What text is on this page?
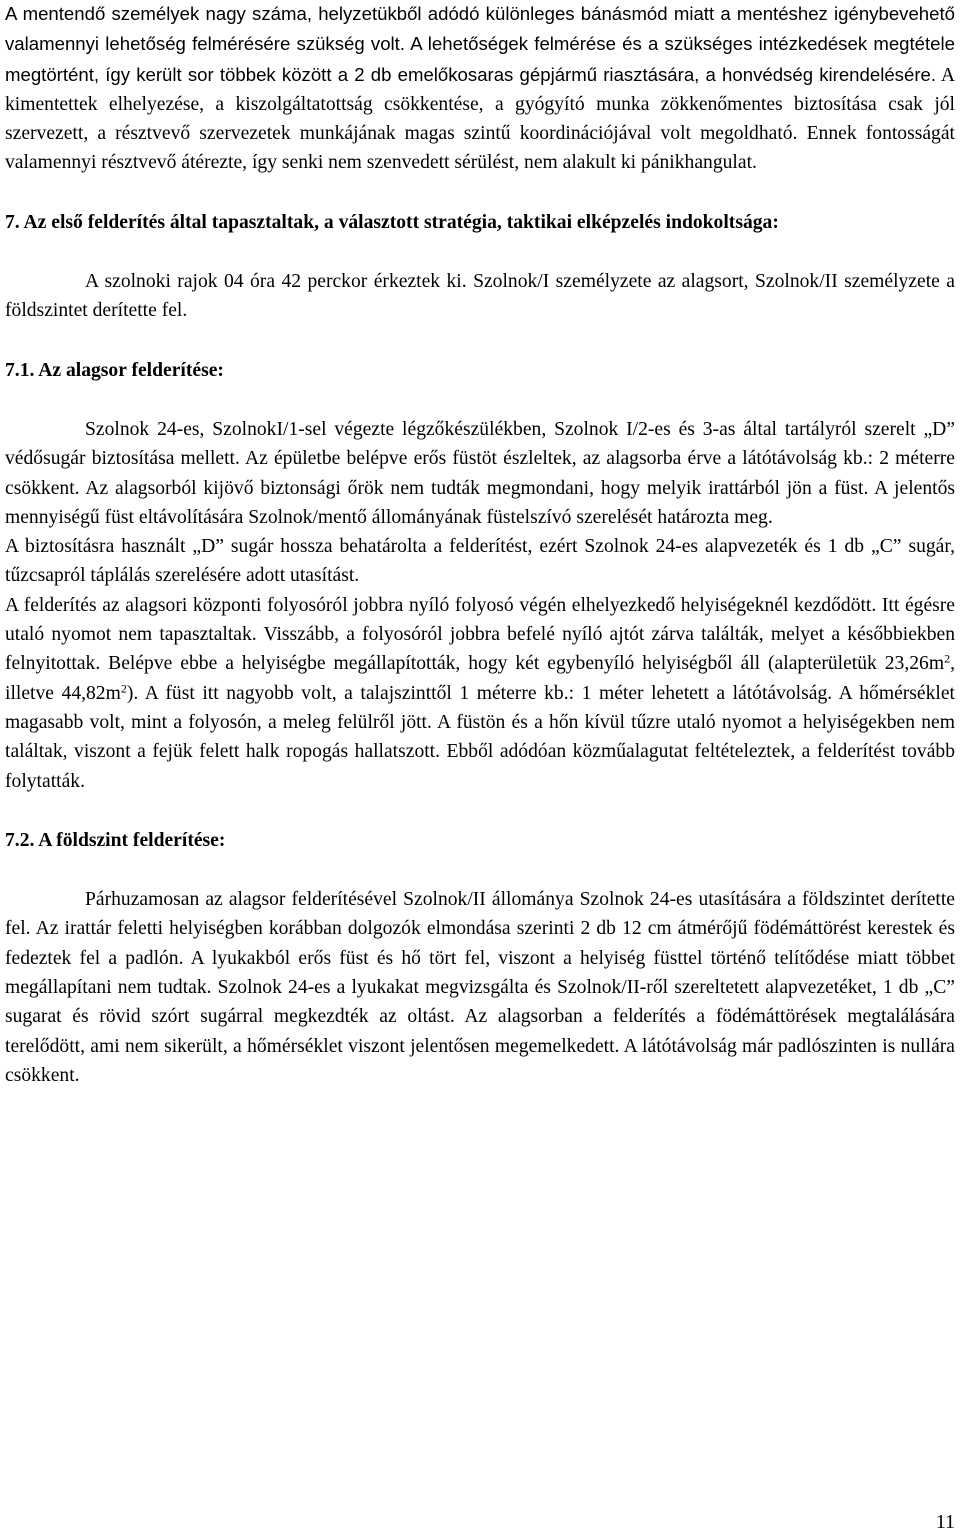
A mentendő személyek nagy száma, helyzetükből adódó különleges bánásmód miatt a mentéshez igénybevehető valamennyi lehetőség felmérésére szükség volt. A lehetőségek felmérése és a szükséges intézkedések megtétele megtörtént, így került sor többek között a 2 db emelőkosaras gépjármű riasztására, a honvédség kirendelésére. A kimentettek elhelyezése, a kiszolgáltatottság csökkentése, a gyógyító munka zökkenőmentes biztosítása csak jól szervezett, a résztvevő szervezetek munkájának magas szintű koordinációjával volt megoldható. Ennek fontosságát valamennyi résztvevő átérezte, így senki nem szenvedett sérülést, nem alakult ki pánikhangulat.

7. Az első felderítés által tapasztaltak, a választott stratégia, taktikai elképzelés indokoltsága:

A szolnoki rajok 04 óra 42 perckor érkeztek ki. Szolnok/I személyzete az alagsort, Szolnok/II személyzete a földszintet derítette fel.

7.1. Az alagsor felderítése:

Szolnok 24-es, SzolnokI/1-sel végezte légzőkészülékben, Szolnok I/2-es és 3-as által tartályról szerelt „D” védősugár biztosítása mellett. Az épületbe belépve erős füstöt észleltek, az alagsorba érve a látótávolság kb.: 2 méterre csökkent. Az alagsorból kijövő biztonsági őrök nem tudták megmondani, hogy melyik irattárból jön a füst. A jelentős mennyiségű füst eltávolítására Szolnok/mentő állományának füstelszívó szerelését határozta meg.

A biztosításra használt „D” sugár hossza behatárolta a felderítést, ezért Szolnok 24-es alapvezeték és 1 db „C” sugár, tűzcsapról táplálás szerelésére adott utasítást.

A felderítés az alagsori központi folyosóról jobbra nyíló folyosó végén elhelyezkedő helyiségeknél kezdődött. Itt égésre utaló nyomot nem tapasztaltak. Visszább, a folyosóról jobbra befelé nyíló ajtót zárva találták, melyet a későbbiekben felnyitottak. Belépve ebbe a helyiségbe megállapították, hogy két egybenyíló helyiségből áll (alapterületük $23,26m^2$, illetve $44,82m^2$). A füst itt nagyobb volt, a talajszinttől 1 méterre kb.: 1 méter lehetett a látótávolság. A hőmérséklet magasabb volt, mint a folyosón, a meleg felülről jött. A füstön és a hőn kívül tűzre utaló nyomot a helyiségekben nem találtak, viszont a fejük felett halk ropogás hallatszott. Ebből adódóan közműalagutat feltételeztek, a felderítést tovább folytatták.

7.2. A földszint felderítése:

Párhuzamosan az alagsor felderítésével Szolnok/II állománya Szolnok 24-es utasítására a földszintet derítette fel. Az irattár feletti helyiségben korábban dolgozók elmondása szerinti 2 db 12 cm átmérőjű födémáttörést kerestek és fedeztek fel a padlón. A lyukakból erős füst és hő tört fel, viszont a helyiség füsttel történő telítődése miatt többet megállapítani nem tudtak. Szolnok 24-es a lyukakat megvizsgálta és Szolnok/II-ről szereltetett alapvezetéket, 1 db „C” sugarat és rövid szórt sugárral megkezdték az oltást. Az alagsorban a felderítés a födémáttörések megtalálására terelődött, ami nem sikerült, a hőmérséklet viszont jelentősen megemelkedett. A látótávolság már padlószinten is nullára csökkent.

11
